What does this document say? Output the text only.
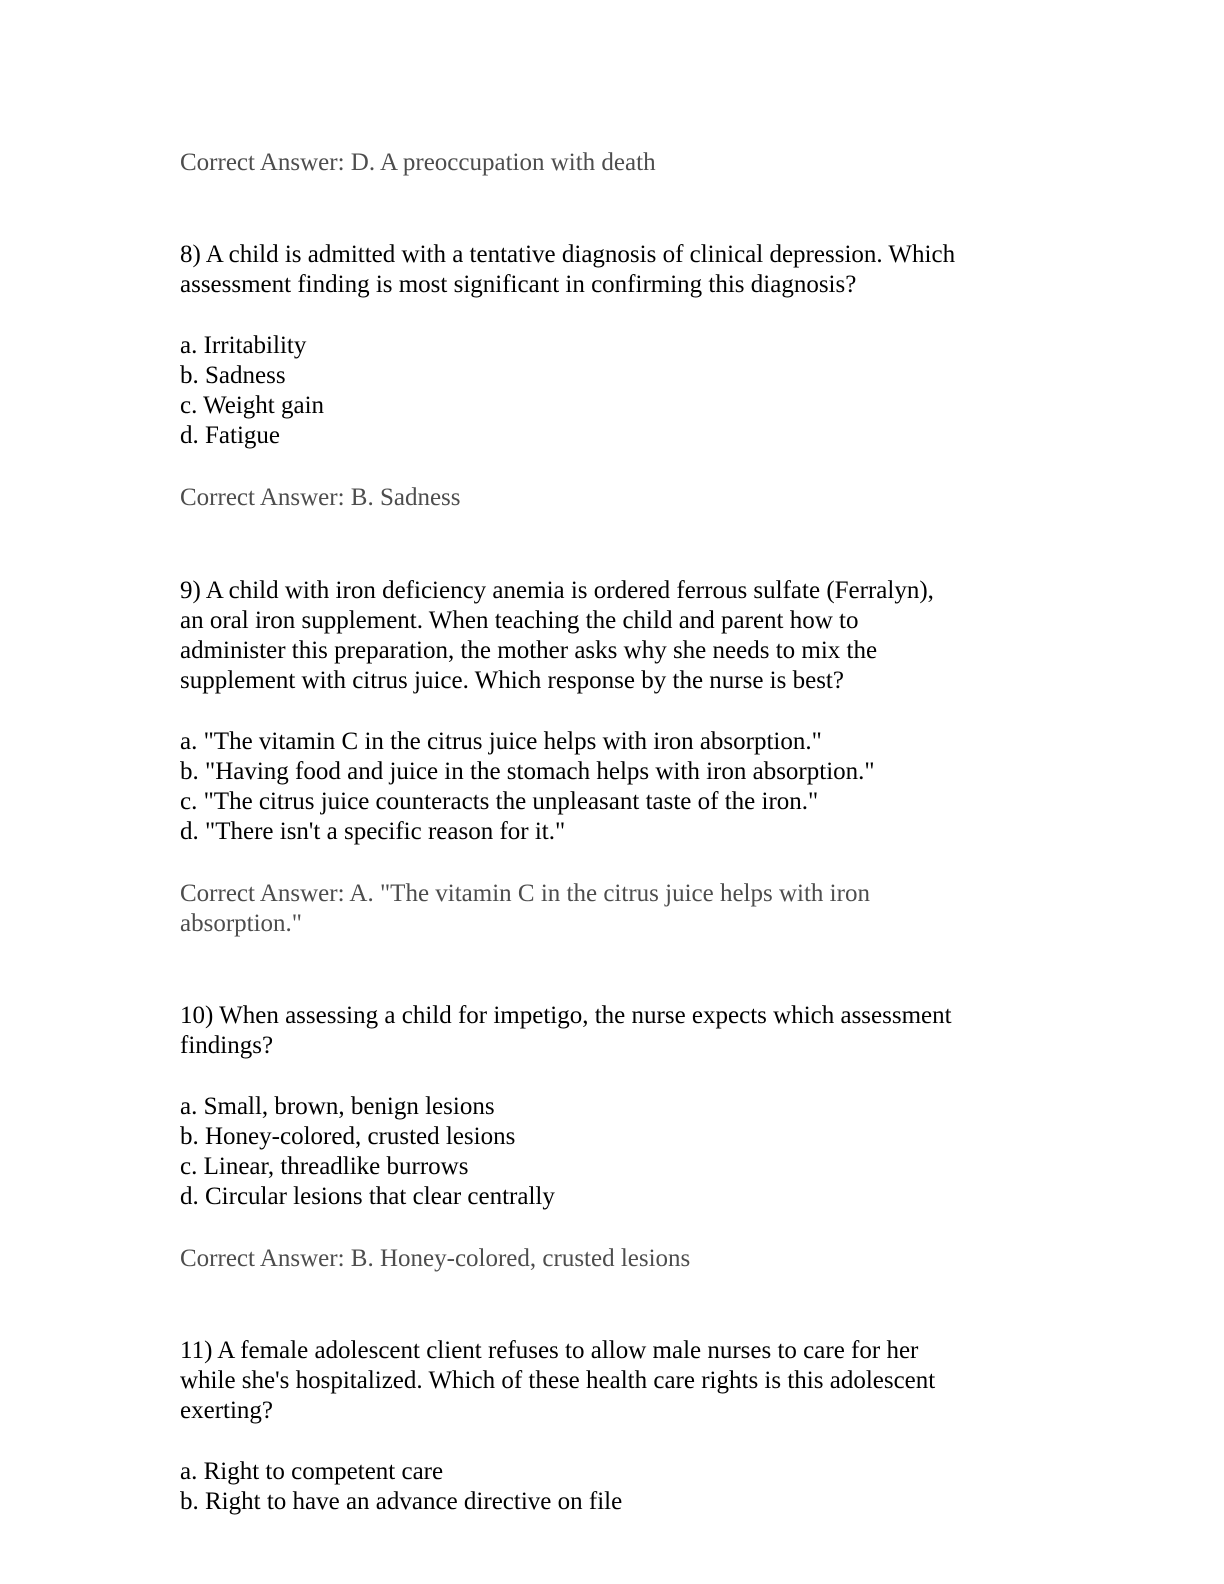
Correct Answer: D. A preoccupation with death
8) A child is admitted with a tentative diagnosis of clinical depression. Which
assessment finding is most significant in confirming this diagnosis?
a. Irritability
b. Sadness
c. Weight gain
d. Fatigue
Correct Answer: B. Sadness
9) A child with iron deficiency anemia is ordered ferrous sulfate (Ferralyn),
an oral iron supplement. When teaching the child and parent how to
administer this preparation, the mother asks why she needs to mix the
supplement with citrus juice. Which response by the nurse is best?
a. "The vitamin C in the citrus juice helps with iron absorption."
b. "Having food and juice in the stomach helps with iron absorption."
c. "The citrus juice counteracts the unpleasant taste of the iron."
d. "There isn't a specific reason for it."
Correct Answer: A. "The vitamin C in the citrus juice helps with iron
absorption."
10) When assessing a child for impetigo, the nurse expects which assessment
findings?
a. Small, brown, benign lesions
b. Honey-colored, crusted lesions
c. Linear, threadlike burrows
d. Circular lesions that clear centrally
Correct Answer: B. Honey-colored, crusted lesions
11) A female adolescent client refuses to allow male nurses to care for her
while she's hospitalized. Which of these health care rights is this adolescent
exerting?
a. Right to competent care
b. Right to have an advance directive on file
